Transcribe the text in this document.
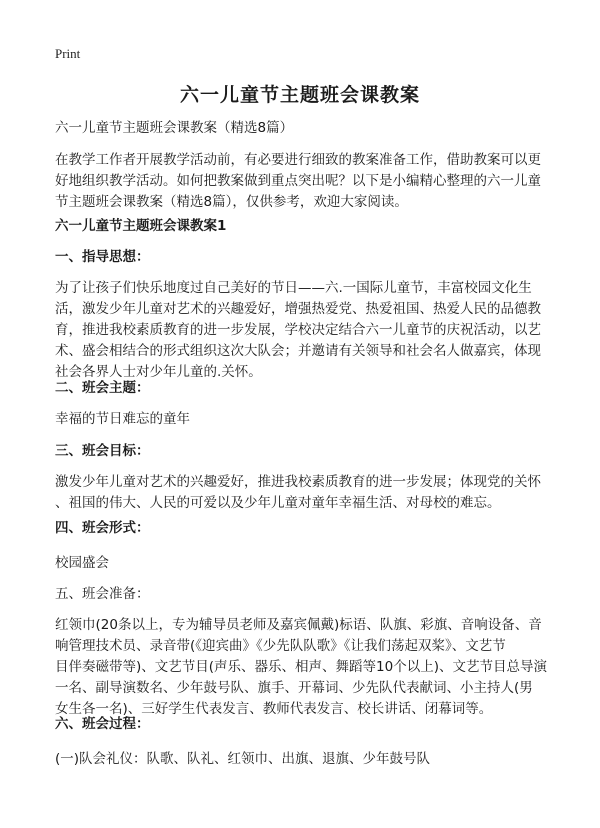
Print
六一儿童节主题班会课教案

六一儿童节主题班会课教案（精选8篇）

在教学工作者开展教学活动前，有必要进行细致的教案准备工作，借助教案可以更

好地组织教学活动。如何把教案做到重点突出呢？以下是小编精心整理的六一儿童

节主题班会课教案（精选8篇），仅供参考，欢迎大家阅读。

六一儿童节主题班会课教案1

一、指导思想：

为了让孩子们快乐地度过自己美好的节日——六.一国际儿童节，丰富校园文化生

活，激发少年儿童对艺术的兴趣爱好，增强热爱党、热爱祖国、热爱人民的品德教

育，推进我校素质教育的进一步发展，学校决定结合六一儿童节的庆祝活动，以艺

术、盛会相结合的形式组织这次大队会；并邀请有关领导和社会名人做嘉宾，体现

社会各界人士对少年儿童的.关怀。

二、班会主题：

幸福的节日难忘的童年

三、班会目标：

激发少年儿童对艺术的兴趣爱好，推进我校素质教育的进一步发展；体现党的关怀

、祖国的伟大、人民的可爱以及少年儿童对童年幸福生活、对母校的难忘。

四、班会形式：

校园盛会

五、班会准备：

红领巾(20条以上，专为辅导员老师及嘉宾佩戴)标语、队旗、彩旗、音响设备、音

响管理技术员、录音带(《迎宾曲》《少先队队歌》《让我们荡起双桨》、文艺节

目伴奏磁带等)、文艺节目(声乐、器乐、相声、舞蹈等10个以上)、文艺节目总导演

一名、副导演数名、少年鼓号队、旗手、开幕词、少先队代表献词、小主持人(男

女生各一名)、三好学生代表发言、教师代表发言、校长讲话、闭幕词等。

六、班会过程：

(一)队会礼仪：队歌、队礼、红领巾、出旗、退旗、少年鼓号队
